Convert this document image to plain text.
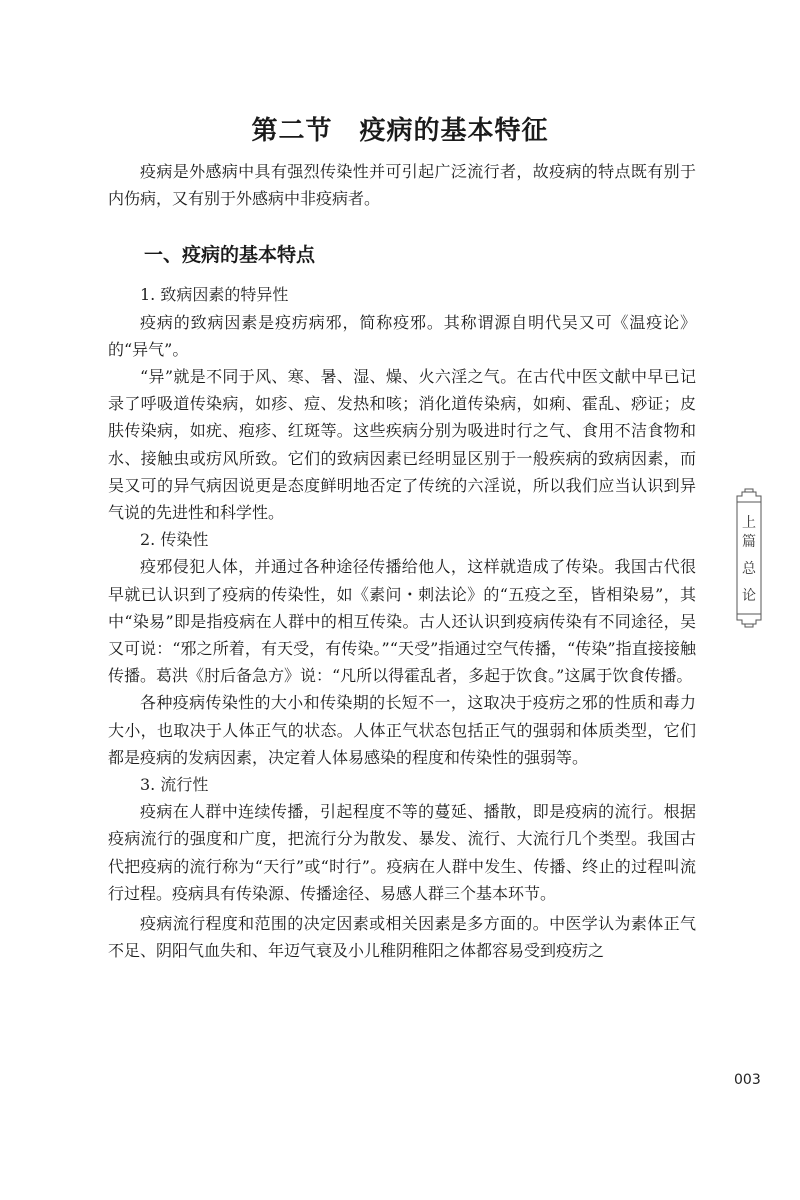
第二节　疫病的基本特征

疫病是外感病中具有强烈传染性并可引起广泛流行者，故疫病的特点既有别于内伤病，又有别于外感病中非疫病者。

一、疫病的基本特点

1. 致病因素的特异性

疫病的致病因素是疫疠病邪，简称疫邪。其称谓源自明代吴又可《温疫论》的“异气”。

“异”就是不同于风、寒、暑、湿、燥、火六淫之气。在古代中医文献中早已记录了呼吸道传染病，如疹、痘、发热和咳；消化道传染病，如痢、霍乱、痧证；皮肤传染病，如疣、疱疹、红斑等。这些疾病分别为吸进时行之气、食用不洁食物和水、接触虫或疠风所致。它们的致病因素已经明显区别于一般疾病的致病因素，而吴又可的异气病因说更是态度鲜明地否定了传统的六淫说，所以我们应当认识到异气说的先进性和科学性。

2. 传染性

疫邪侵犯人体，并通过各种途径传播给他人，这样就造成了传染。我国古代很早就已认识到了疫病的传染性，如《素问・刺法论》的“五疫之至，皆相染易”，其中“染易”即是指疫病在人群中的相互传染。古人还认识到疫病传染有不同途径，吴又可说：“邪之所着，有天受，有传染。”“天受”指通过空气传播，“传染”指直接接触传播。葛洪《肘后备急方》说：“凡所以得霍乱者，多起于饮食。”这属于饮食传播。

各种疫病传染性的大小和传染期的长短不一，这取决于疫疠之邪的性质和毒力大小，也取决于人体正气的状态。人体正气状态包括正气的强弱和体质类型，它们都是疫病的发病因素，决定着人体易感染的程度和传染性的强弱等。

3. 流行性

疫病在人群中连续传播，引起程度不等的蔓延、播散，即是疫病的流行。根据疫病流行的强度和广度，把流行分为散发、暴发、流行、大流行几个类型。我国古代把疫病的流行称为“天行”或“时行”。疫病在人群中发生、传播、终止的过程叫流行过程。疫病具有传染源、传播途径、易感人群三个基本环节。

疫病流行程度和范围的决定因素或相关因素是多方面的。中医学认为素体正气不足、阴阳气血失和、年迈气衰及小儿稚阴稚阳之体都容易受到疫疠之

上
篇
总
论
003
